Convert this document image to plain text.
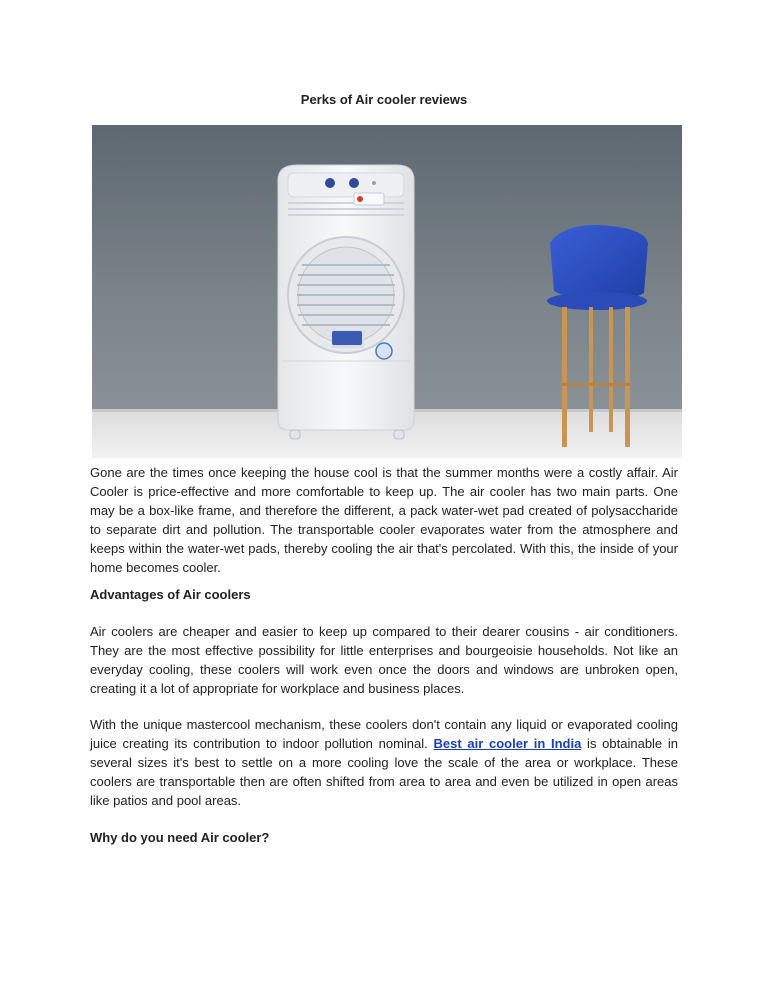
Perks of Air cooler reviews

Gone are the times once keeping the house cool is that the summer months were a costly affair. Air Cooler is price-effective and more comfortable to keep up. The air cooler has two main parts. One may be a box-like frame, and therefore the different, a pack water-wet pad created of polysaccharide to separate dirt and pollution. The transportable cooler evaporates water from the atmosphere and keeps within the water-wet pads, thereby cooling the air that's percolated. With this, the inside of your home becomes cooler.

Advantages of Air coolers

Air coolers are cheaper and easier to keep up compared to their dearer cousins - air conditioners. They are the most effective possibility for little enterprises and bourgeoisie households. Not like an everyday cooling, these coolers will work even once the doors and windows are unbroken open, creating it a lot of appropriate for workplace and business places.

With the unique mastercool mechanism, these coolers don't contain any liquid or evaporated cooling juice creating its contribution to indoor pollution nominal. Best air cooler in India is obtainable in several sizes it's best to settle on a more cooling love the scale of the area or workplace. These coolers are transportable then are often shifted from area to area and even be utilized in open areas like patios and pool areas.

Why do you need Air cooler?
